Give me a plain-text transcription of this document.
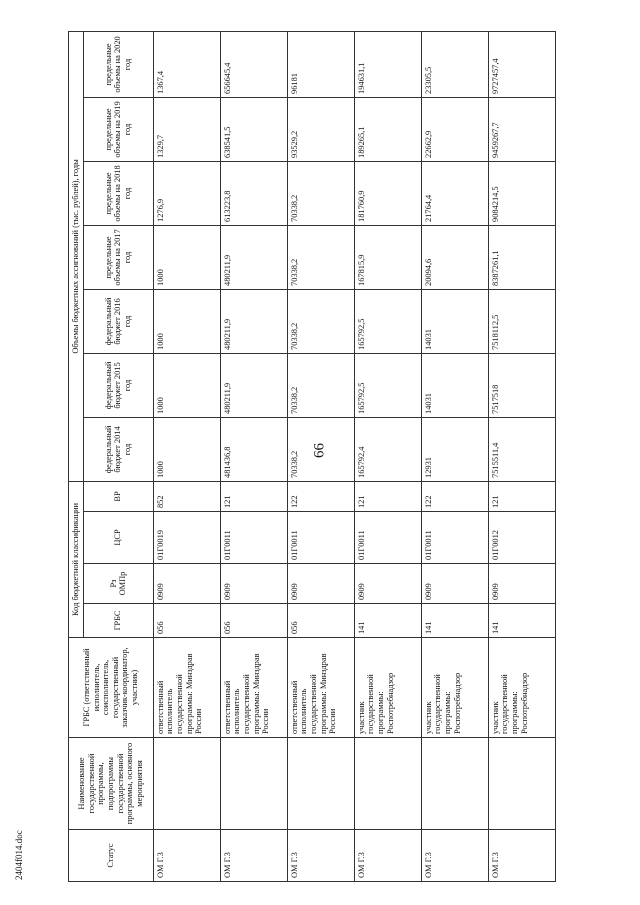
66
Статус	Наименование государственной программы, подпрограммы государственной программы, основного мероприятия	ГРБС (ответственный исполнитель, соисполнитель, государственный заказчик-координатор, участник)	Код бюджетной классификации				Объемы бюджетных ассигнований (тыс. рублей), годы						
			ГРБС	Рз ОМПр	ЦСР	ВР	федеральный бюджет 2014 год	федеральный бюджет 2015 год	федеральный бюджет 2016 год	предельные объемы на 2017 год	предельные объемы на 2018 год	предельные объемы на 2019 год	предельные объемы на 2020 год
ОМ Г.3		ответственный исполнитель государственной программы: Минздрав России	056	0909	01Г0019	852	1000	1000	1000	1000	1276,9	1329,7	1367,4
ОМ Г.3		ответственный исполнитель государственной программы: Минздрав России	056	0909	01Г0011	121	481436,8	480211,9	480211,9	480211,9	613223,8	638541,5	656645,4
ОМ Г.3		ответственный исполнитель государственной программы: Минздрав России	056	0909	01Г0011	122	70338,2	70338,2	70338,2	70338,2	70338,2	93529,2	96181
ОМ Г.3		участник государственной программы: Роспотребнадзор	141	0909	01Г0011	121	165792,4	165792,5	165792,5	167815,9	181760,9	189265,1	194631,1
ОМ Г.3		участник государственной программы: Роспотребнадзор	141	0909	01Г0011	122	12931	14031	14031	20094,6	21764,4	22662,9	23305,5
ОМ Г.3		участник государственной программы: Роспотребнадзор	141	0909	01Г0012	121	7515511,4	7517518	7518112,5	8387261,1	9084214,5	9459267,7	9727457,4
2404f014.doc
